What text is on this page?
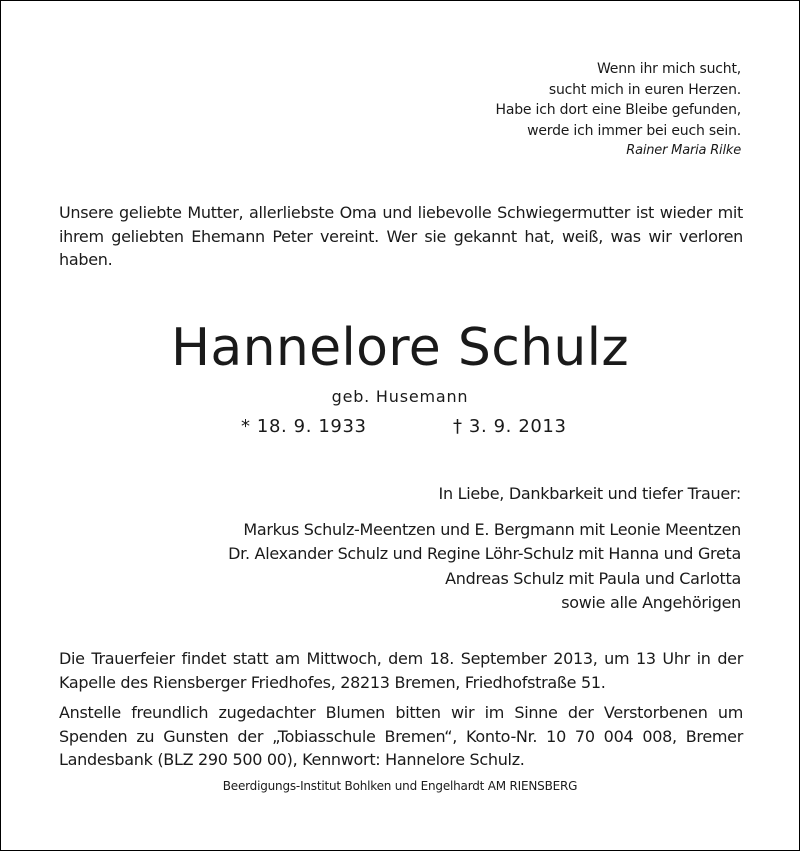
Wenn ihr mich sucht,
sucht mich in euren Herzen.
Habe ich dort eine Bleibe gefunden,
werde ich immer bei euch sein.
Rainer Maria Rilke
Unsere geliebte Mutter, allerliebste Oma und liebevolle Schwiegermutter ist wieder mit
ihrem geliebten Ehemann Peter vereint. Wer sie gekannt hat, weiß, was wir verloren
haben.
Hannelore Schulz
geb. Husemann
* 18. 9. 1933	† 3. 9. 2013
In Liebe, Dankbarkeit und tiefer Trauer:
Markus Schulz-Meentzen und E. Bergmann mit Leonie Meentzen
Dr. Alexander Schulz und Regine Löhr-Schulz mit Hanna und Greta
Andreas Schulz mit Paula und Carlotta
sowie alle Angehörigen
Die Trauerfeier findet statt am Mittwoch, dem 18. September 2013, um 13 Uhr in der
Kapelle des Riensberger Friedhofes, 28213 Bremen, Friedhofstraße 51.
Anstelle freundlich zugedachter Blumen bitten wir im Sinne der Verstorbenen um
Spenden zu Gunsten der „Tobiasschule Bremen“, Konto-Nr. 10 70 004 008, Bremer
Landesbank (BLZ 290 500 00), Kennwort: Hannelore Schulz.
Beerdigungs-Institut Bohlken und Engelhardt AM RIENSBERG
